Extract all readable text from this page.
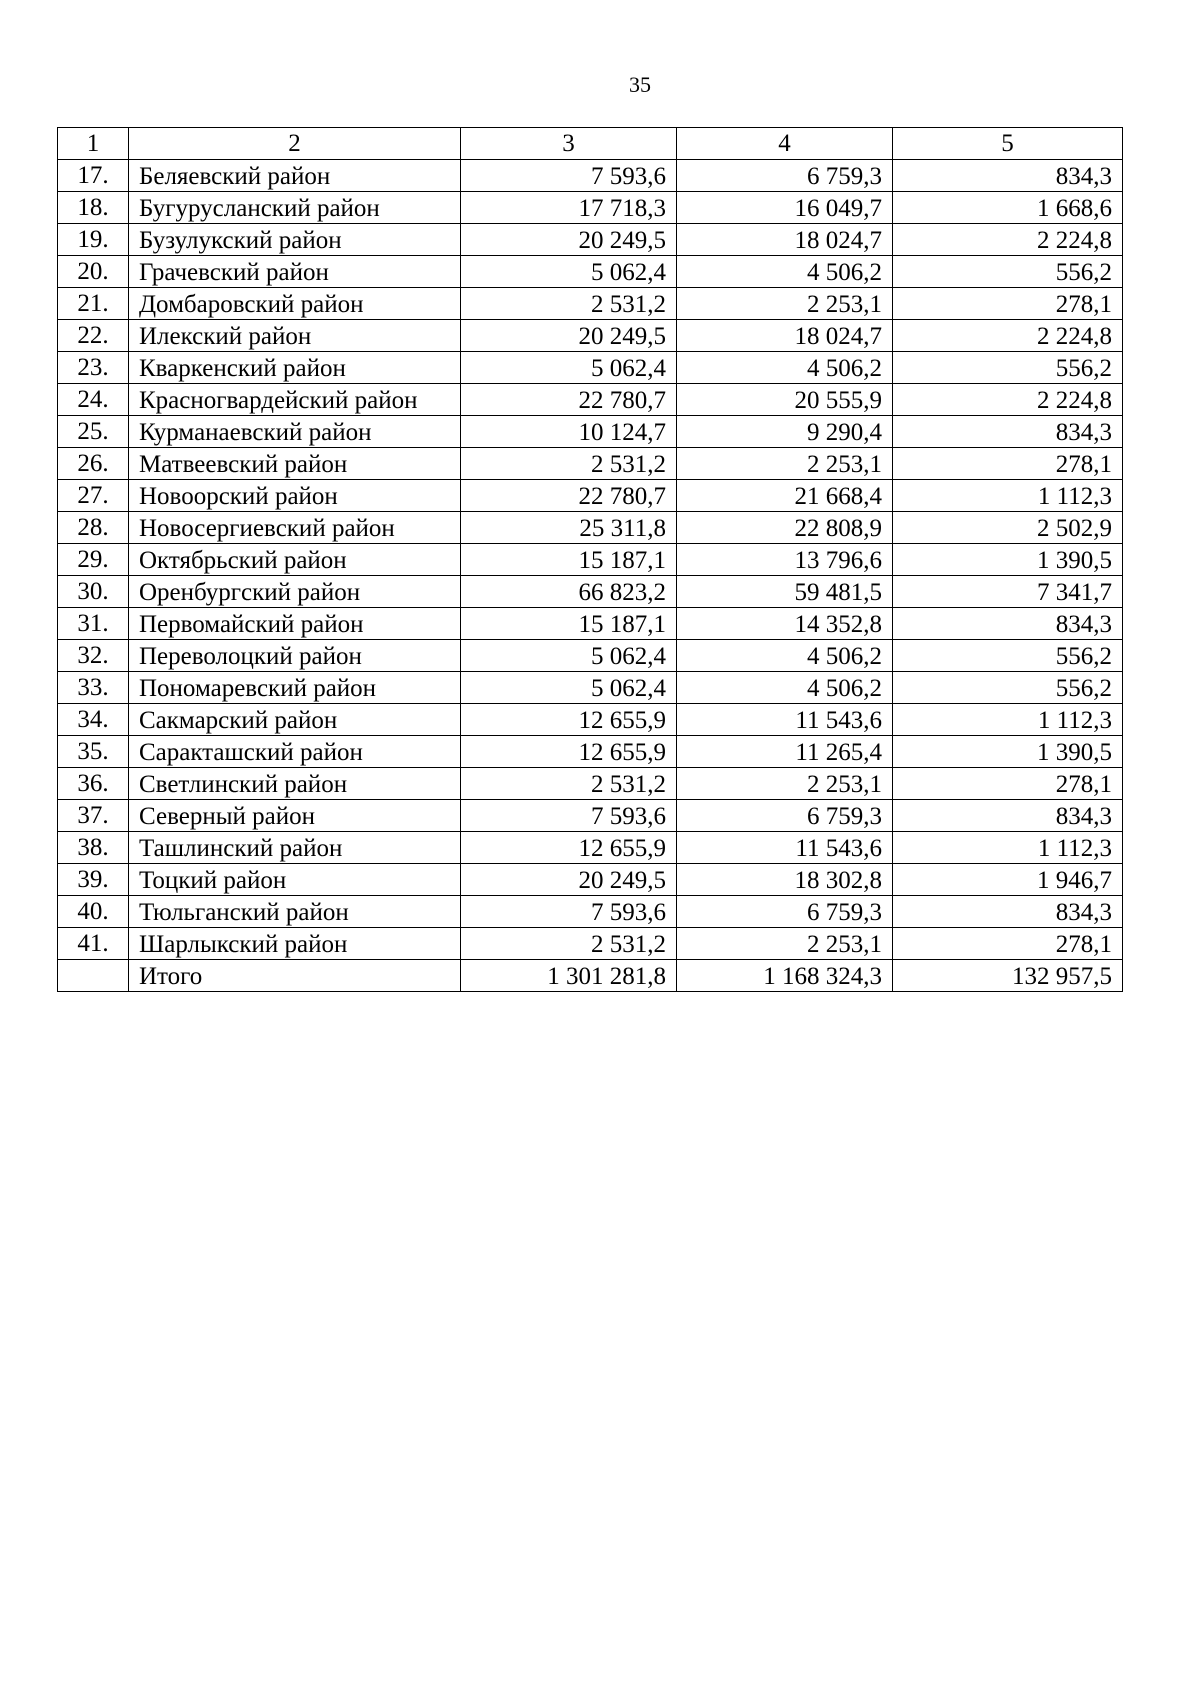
35
1	2	3	4	5
17.	Беляевский район	7 593,6	6 759,3	834,3
18.	Бугурусланский район	17 718,3	16 049,7	1 668,6
19.	Бузулукский район	20 249,5	18 024,7	2 224,8
20.	Грачевский район	5 062,4	4 506,2	556,2
21.	Домбаровский район	2 531,2	2 253,1	278,1
22.	Илекский район	20 249,5	18 024,7	2 224,8
23.	Кваркенский район	5 062,4	4 506,2	556,2
24.	Красногвардейский район	22 780,7	20 555,9	2 224,8
25.	Курманаевский район	10 124,7	9 290,4	834,3
26.	Матвеевский район	2 531,2	2 253,1	278,1
27.	Новоорский район	22 780,7	21 668,4	1 112,3
28.	Новосергиевский район	25 311,8	22 808,9	2 502,9
29.	Октябрьский район	15 187,1	13 796,6	1 390,5
30.	Оренбургский район	66 823,2	59 481,5	7 341,7
31.	Первомайский район	15 187,1	14 352,8	834,3
32.	Переволоцкий район	5 062,4	4 506,2	556,2
33.	Пономаревский район	5 062,4	4 506,2	556,2
34.	Сакмарский район	12 655,9	11 543,6	1 112,3
35.	Саракташский район	12 655,9	11 265,4	1 390,5
36.	Светлинский район	2 531,2	2 253,1	278,1
37.	Северный район	7 593,6	6 759,3	834,3
38.	Ташлинский район	12 655,9	11 543,6	1 112,3
39.	Тоцкий район	20 249,5	18 302,8	1 946,7
40.	Тюльганский район	7 593,6	6 759,3	834,3
41.	Шарлыкский район	2 531,2	2 253,1	278,1
	Итого	1 301 281,8	1 168 324,3	132 957,5
